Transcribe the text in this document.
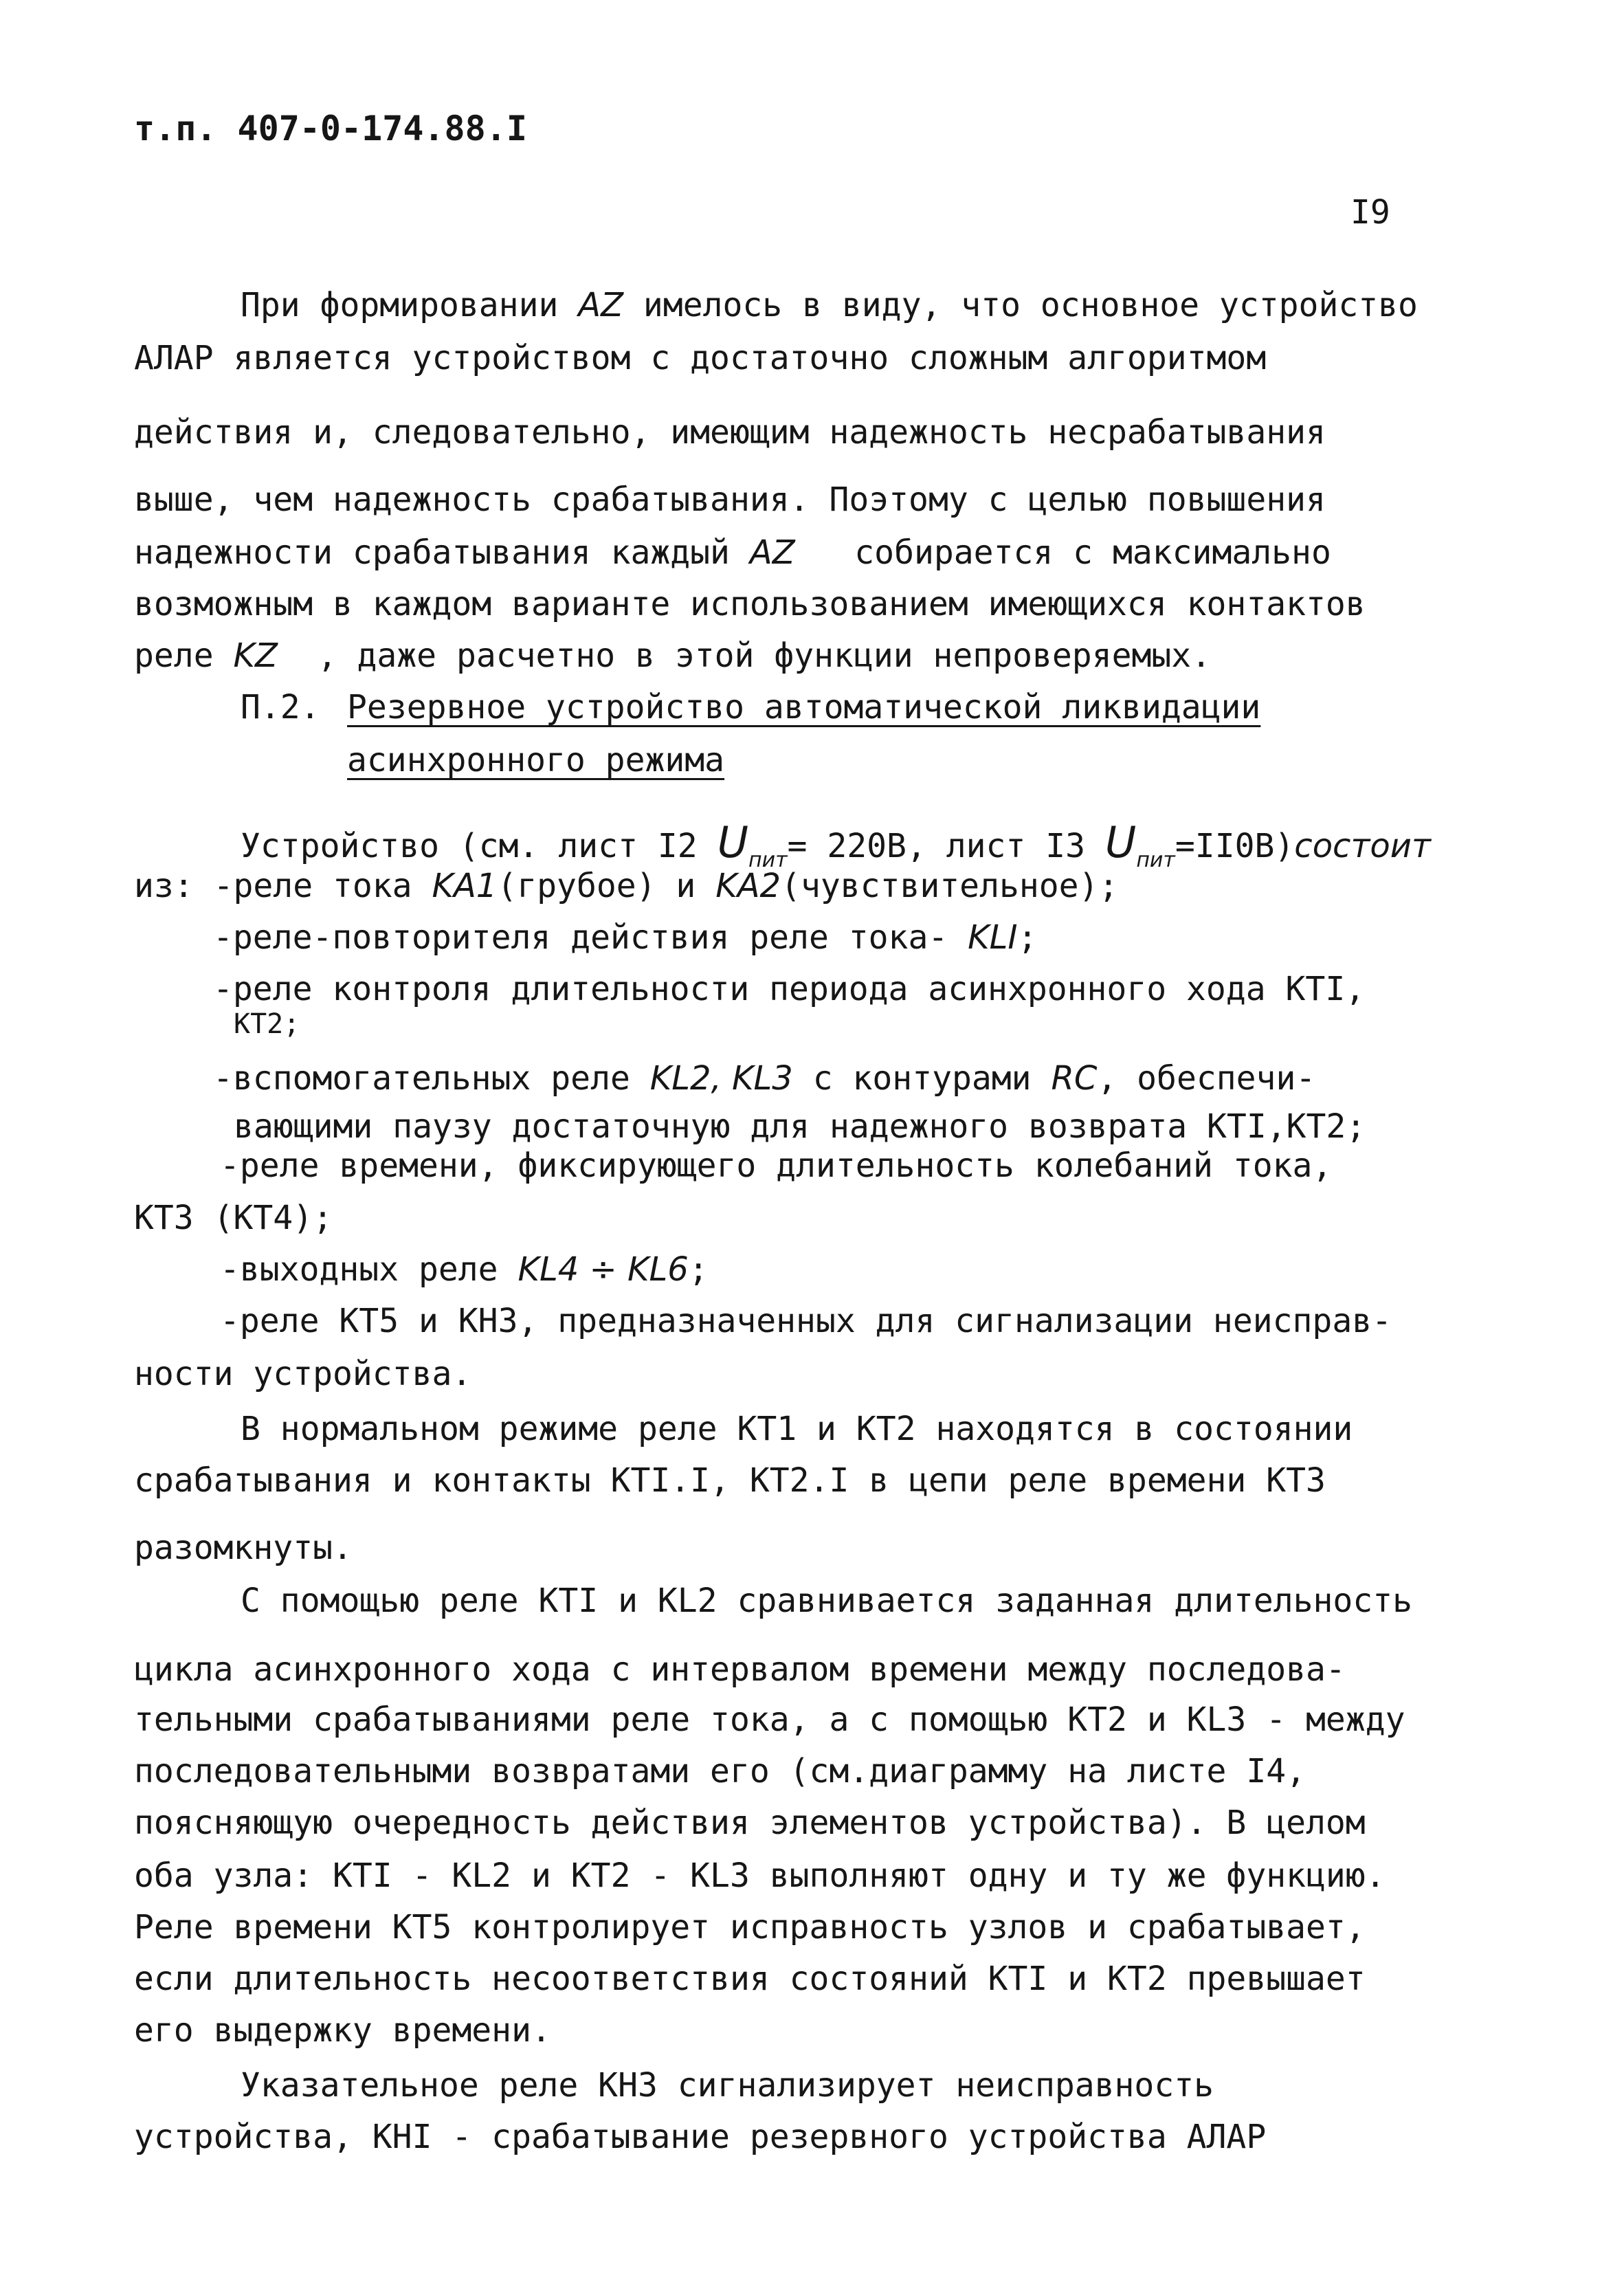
т.п. 407-0-174.88.I
I9
При формировании AZ имелось в виду, что основное устройство
АЛАР является устройством с достаточно сложным алгоритмом
действия и, следовательно, имеющим надежность несрабатывания
выше, чем надежность срабатывания. Поэтому с целью повышения
надежности срабатывания каждый AZ   собирается с максимально
возможным в каждом варианте использованием имеющихся контактов
реле KZ  , даже расчетно в этой функции непроверяемых.
П.2. Резервное устройство автоматической ликвидации
асинхронного режима
Устройство (см. лист I2 $U_{пит}= 220В$, лист I3 $U_{пит}=II0В)состоит$
из: -реле тока KA1(грубое) и KA2(чувствительное);
-реле-повторителя действия реле тока- KLI;
-реле контроля длительности периода асинхронного хода KTI,
KT2;
-вспомогательных реле KL2, KL3 с контурами RC, обеспечи-
вающими паузу достаточную для надежного возврата KTI,KT2;
-реле времени, фиксирующего длительность колебаний тока,
KT3 (KT4);
-выходных реле KL4 ÷ KL6;
-реле KT5 и KH3, предназначенных для сигнализации неисправ-
ности устройства.
В нормальном режиме реле KT1 и KT2 находятся в состоянии
срабатывания и контакты KTI.I, KT2.I в цепи реле времени KT3
разомкнуты.
С помощью реле KTI и KL2 сравнивается заданная длительность
цикла асинхронного хода с интервалом времени между последова-
тельными срабатываниями реле тока, а с помощью KT2 и KL3 - между
последовательными возвратами его (см.диаграмму на листе I4,
поясняющую очередность действия элементов устройства). В целом
оба узла: KTI - KL2 и KT2 - KL3 выполняют одну и ту же функцию.
Реле времени KT5 контролирует исправность узлов и срабатывает,
если длительность несоответствия состояний KTI и KT2 превышает
его выдержку времени.
Указательное реле KH3 сигнализирует неисправность
устройства, KHI - срабатывание резервного устройства АЛАР
